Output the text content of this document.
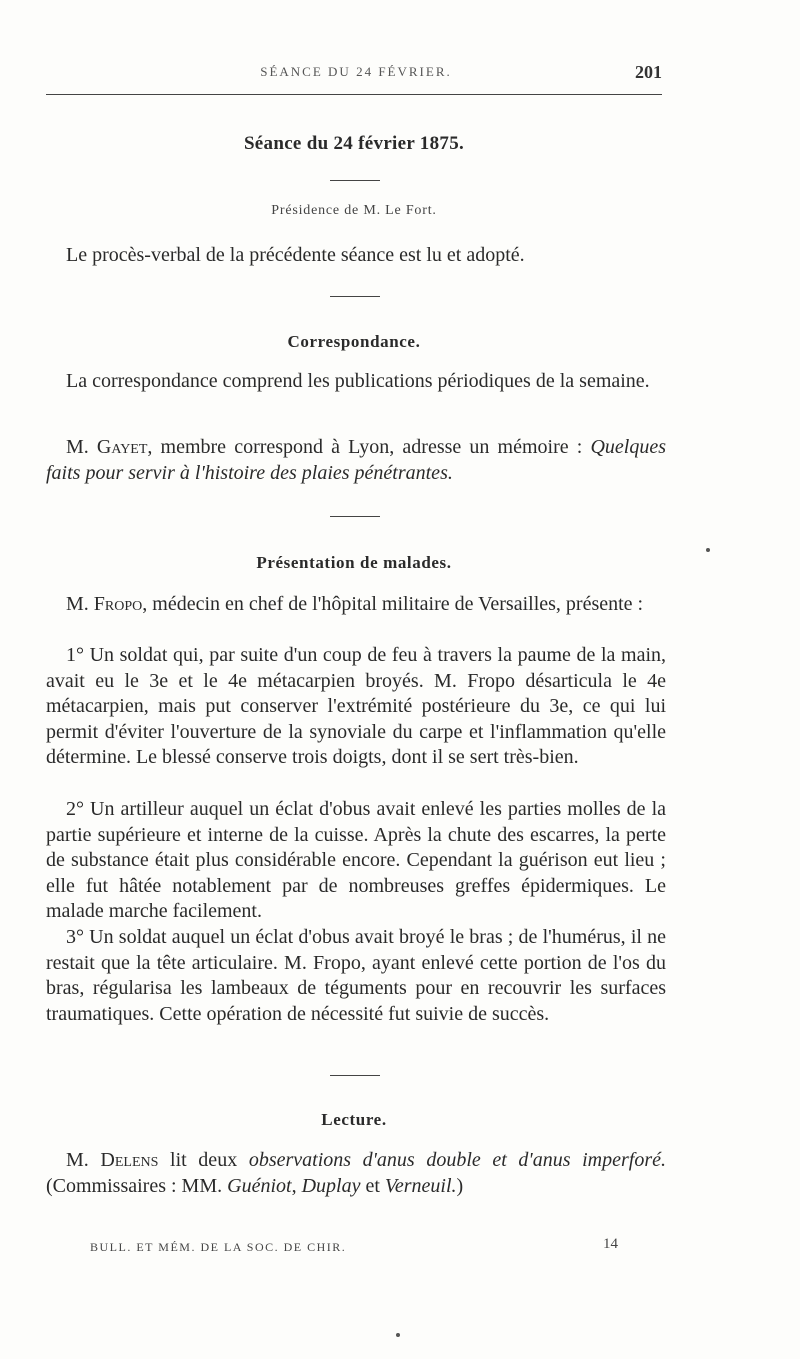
SÉANCE DU 24 FÉVRIER.	201
Séance du 24 février 1875.
Présidence de M. Le Fort.

Le procès-verbal de la précédente séance est lu et adopté.

Correspondance.

La correspondance comprend les publications périodiques de la semaine.

M. Gayet, membre correspond à Lyon, adresse un mémoire : Quelques faits pour servir à l'histoire des plaies pénétrantes.

Présentation de malades.

M. Fropo, médecin en chef de l'hôpital militaire de Versailles, présente :

1° Un soldat qui, par suite d'un coup de feu à travers la paume de la main, avait eu le 3e et le 4e métacarpien broyés. M. Fropo désarticula le 4e métacarpien, mais put conserver l'extrémité postérieure du 3e, ce qui lui permit d'éviter l'ouverture de la synoviale du carpe et l'inflammation qu'elle détermine. Le blessé conserve trois doigts, dont il se sert très-bien.

2° Un artilleur auquel un éclat d'obus avait enlevé les parties molles de la partie supérieure et interne de la cuisse. Après la chute des escarres, la perte de substance était plus considérable encore. Cependant la guérison eut lieu ; elle fut hâtée notablement par de nombreuses greffes épidermiques. Le malade marche facilement.

3° Un soldat auquel un éclat d'obus avait broyé le bras ; de l'humérus, il ne restait que la tête articulaire. M. Fropo, ayant enlevé cette portion de l'os du bras, régularisa les lambeaux de téguments pour en recouvrir les surfaces traumatiques. Cette opération de nécessité fut suivie de succès.

Lecture.

M. Delens lit deux observations d'anus double et d'anus imperforé. (Commissaires : MM. Guéniot, Duplay et Verneuil.)

BULL. ET MÉM. DE LA SOC. DE CHIR.	14
